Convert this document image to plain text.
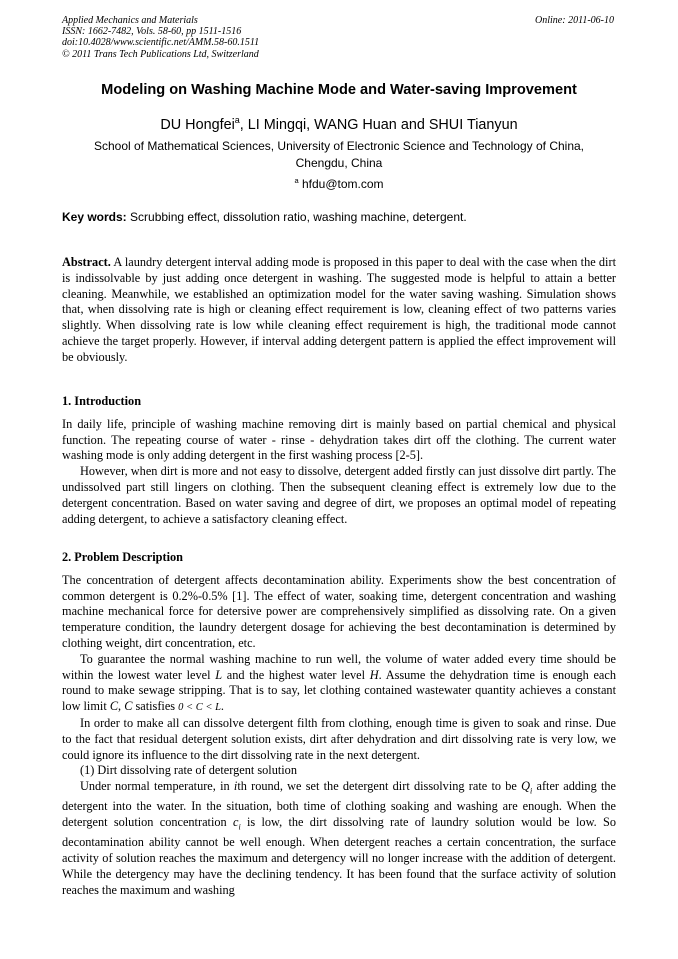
Applied Mechanics and Materials
ISSN: 1662-7482, Vols. 58-60, pp 1511-1516
doi:10.4028/www.scientific.net/AMM.58-60.1511
© 2011 Trans Tech Publications Ltd, Switzerland
Online: 2011-06-10
Modeling on Washing Machine Mode and Water-saving Improvement
DU Hongfei$^a$, LI Mingqi, WANG Huan and SHUI Tianyun
School of Mathematical Sciences, University of Electronic Science and Technology of China, Chengdu, China
$^a$ hfdu@tom.com
Key words: Scrubbing effect, dissolution ratio, washing machine, detergent.

Abstract. A laundry detergent interval adding mode is proposed in this paper to deal with the case when the dirt is indissolvable by just adding once detergent in washing. The suggested mode is helpful to attain a better cleaning. Meanwhile, we established an optimization model for the water saving washing. Simulation shows that, when dissolving rate is high or cleaning effect requirement is low, cleaning effect of two patterns varies slightly. When dissolving rate is low while cleaning effect requirement is high, the traditional mode cannot achieve the target properly. However, if interval adding detergent pattern is applied the effect improvement will be obviously.

1. Introduction

In daily life, principle of washing machine removing dirt is mainly based on partial chemical and physical function. The repeating course of water - rinse - dehydration takes dirt off the clothing. The current water washing mode is only adding detergent in the first washing process [2-5].

However, when dirt is more and not easy to dissolve, detergent added firstly can just dissolve dirt partly. The undissolved part still lingers on clothing. Then the subsequent cleaning effect is extremely low due to the detergent concentration. Based on water saving and degree of dirt, we proposes an optimal model of repeating adding detergent, to achieve a satisfactory cleaning effect.

2. Problem Description

The concentration of detergent affects decontamination ability. Experiments show the best concentration of common detergent is 0.2%-0.5% [1]. The effect of water, soaking time, detergent concentration and washing machine mechanical force for detersive power are comprehensively simplified as dissolving rate. On a given temperature condition, the laundry detergent dosage for achieving the best decontamination is determined by clothing weight, dirt concentration, etc.

To guarantee the normal washing machine to run well, the volume of water added every time should be within the lowest water level L and the highest water level H. Assume the dehydration time is enough each round to make sewage stripping. That is to say, let clothing contained wastewater quantity achieves a constant low limit C, C satisfies 0 < C < L.

In order to make all can dissolve detergent filth from clothing, enough time is given to soak and rinse. Due to the fact that residual detergent solution exists, dirt after dehydration and dirt dissolving rate is very low, we could ignore its influence to the dirt dissolving rate in the next detergent.

(1) Dirt dissolving rate of detergent solution

Under normal temperature, in ith round, we set the detergent dirt dissolving rate to be $Q_i$ after adding the detergent into the water. In the situation, both time of clothing soaking and washing are enough. When the detergent solution concentration $c_i$ is low, the dirt dissolving rate of laundry solution would be low. So decontamination ability cannot be well enough. When detergent reaches a certain concentration, the surface activity of solution reaches the maximum and detergency will no longer increase with the addition of detergent. While the detergency may have the declining tendency. It has been found that the surface activity of solution reaches the maximum and washing
